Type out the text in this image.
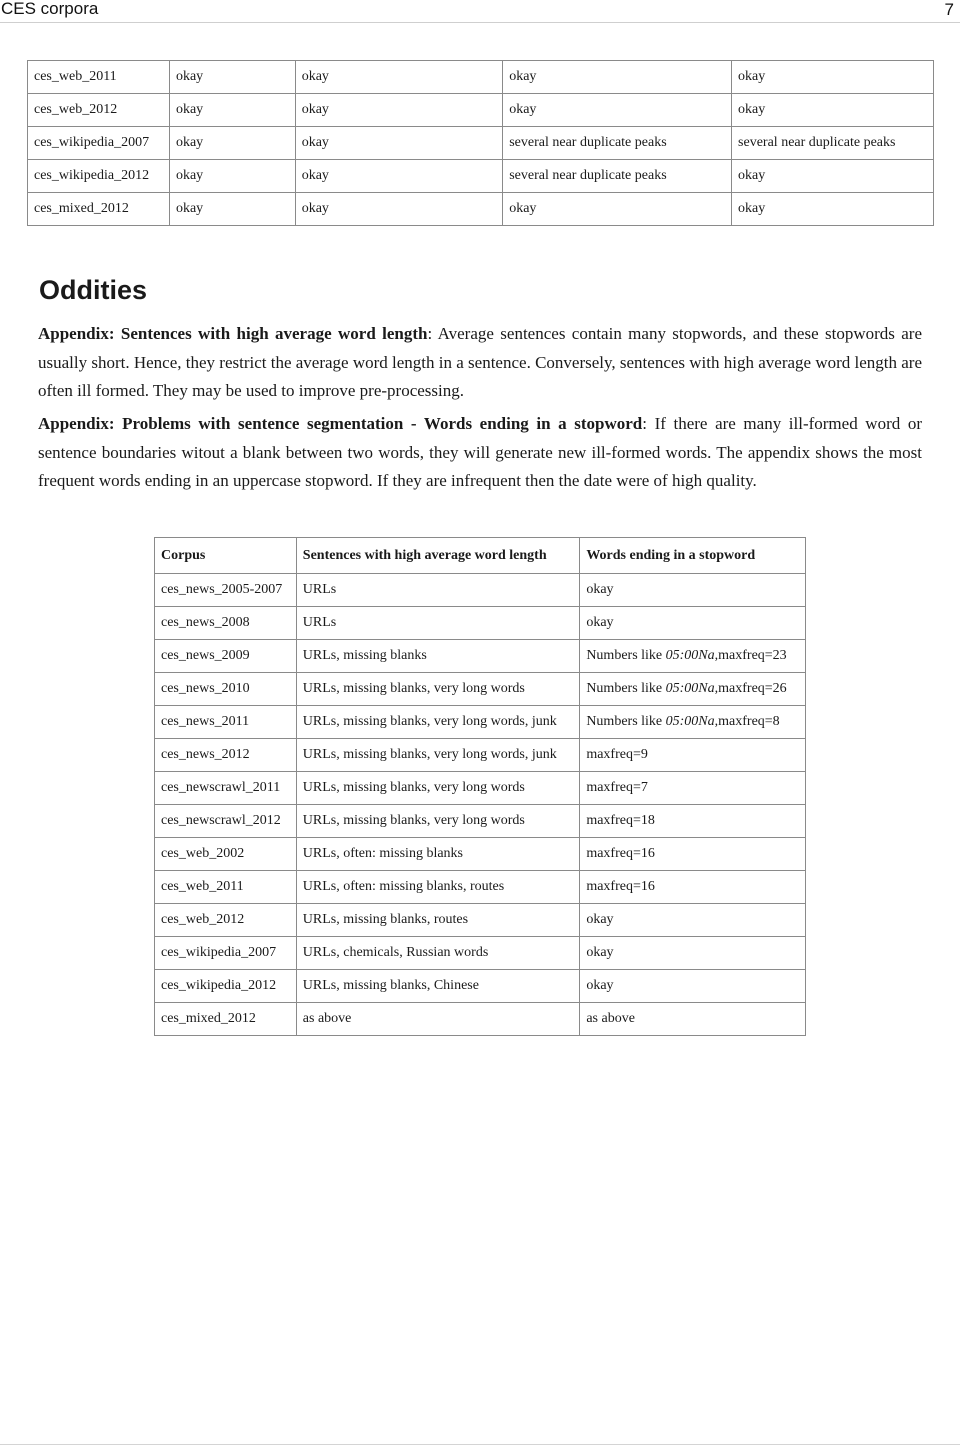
CES corpora	7
ces_web_2011	okay	okay	okay	okay
ces_web_2012	okay	okay	okay	okay
ces_wikipedia_2007	okay	okay	several near duplicate peaks	several near duplicate peaks
ces_wikipedia_2012	okay	okay	several near duplicate peaks	okay
ces_mixed_2012	okay	okay	okay	okay
Oddities

Appendix: Sentences with high average word length: Average sentences contain many stopwords, and these stopwords are usually short. Hence, they restrict the average word length in a sentence. Conversely, sentences with high average word length are often ill formed. They may be used to improve pre-processing.

Appendix: Problems with sentence segmentation - Words ending in a stopword: If there are many ill-formed word or sentence boundaries witout a blank between two words, they will generate new ill-formed words. The appendix shows the most frequent words ending in an uppercase stopword. If they are infrequent then the date were of high quality.

Corpus	Sentences with high average word length	Words ending in a stopword
ces_news_2005-2007	URLs	okay
ces_news_2008	URLs	okay
ces_news_2009	URLs, missing blanks	Numbers like 05:00Na,maxfreq=23
ces_news_2010	URLs, missing blanks, very long words	Numbers like 05:00Na,maxfreq=26
ces_news_2011	URLs, missing blanks, very long words, junk	Numbers like 05:00Na,maxfreq=8
ces_news_2012	URLs, missing blanks, very long words, junk	maxfreq=9
ces_newscrawl_2011	URLs, missing blanks, very long words	maxfreq=7
ces_newscrawl_2012	URLs, missing blanks, very long words	maxfreq=18
ces_web_2002	URLs, often: missing blanks	maxfreq=16
ces_web_2011	URLs, often: missing blanks, routes	maxfreq=16
ces_web_2012	URLs, missing blanks, routes	okay
ces_wikipedia_2007	URLs, chemicals, Russian words	okay
ces_wikipedia_2012	URLs, missing blanks, Chinese	okay
ces_mixed_2012	as above	as above
